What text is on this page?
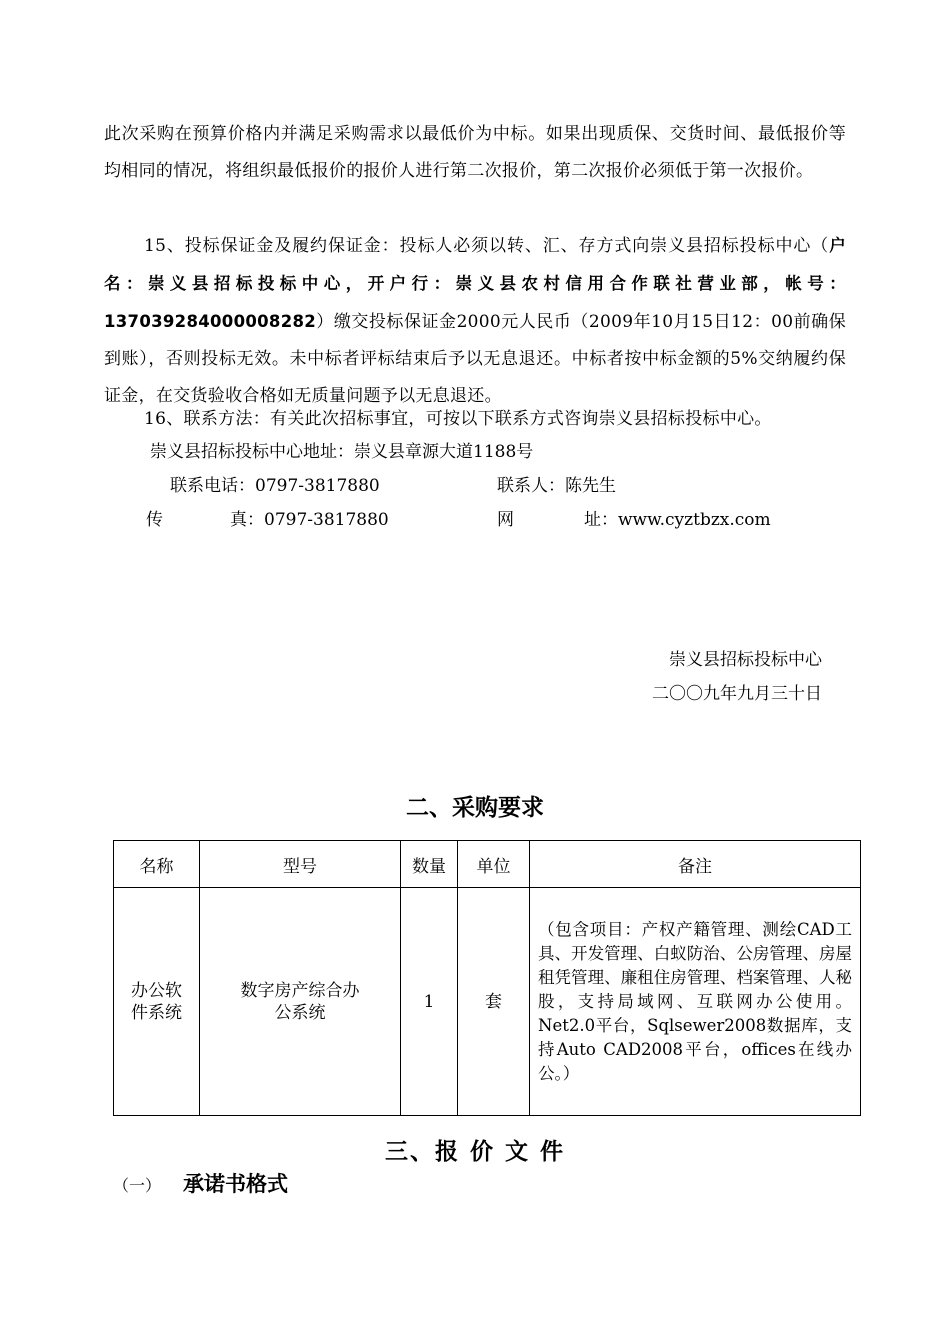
此次采购在预算价格内并满足采购需求以最低价为中标。如果出现质保、交货时间、最低报价等均相同的情况，将组织最低报价的报价人进行第二次报价，第二次报价必须低于第一次报价。
15、投标保证金及履约保证金：投标人必须以转、汇、存方式向崇义县招标投标中心（户名：崇义县招标投标中心，开户行：崇义县农村信用合作联社营业部，帐号：137039284000008282）缴交投标保证金2000元人民币（2009年10月15日12：00前确保到账），否则投标无效。未中标者评标结束后予以无息退还。中标者按中标金额的5%交纳履约保证金，在交货验收合格如无质量问题予以无息退还。
16、联系方法：有关此次招标事宜，可按以下联系方式咨询崇义县招标投标中心。
崇义县招标投标中心地址：崇义县章源大道1188号
联系电话：0797-3817880	联系人：陈先生
传	真：0797-3817880	网	址：www.cyztbzx.com
崇义县招标投标中心
二〇〇九年九月三十日
二、采购要求
名称	型号	数量	单位	备注
办公软件系统	数字房产综合办公系统	1	套	（包含项目：产权产籍管理、测绘CAD工具、开发管理、白蚁防治、公房管理、房屋租凭管理、廉租住房管理、档案管理、人秘股，支持局域网、互联网办公使用。Net2.0平台，Sqlsewer2008数据库，支持Auto CAD2008平台，offices在线办公。）
三、报 价 文 件
（一） 承诺书格式
